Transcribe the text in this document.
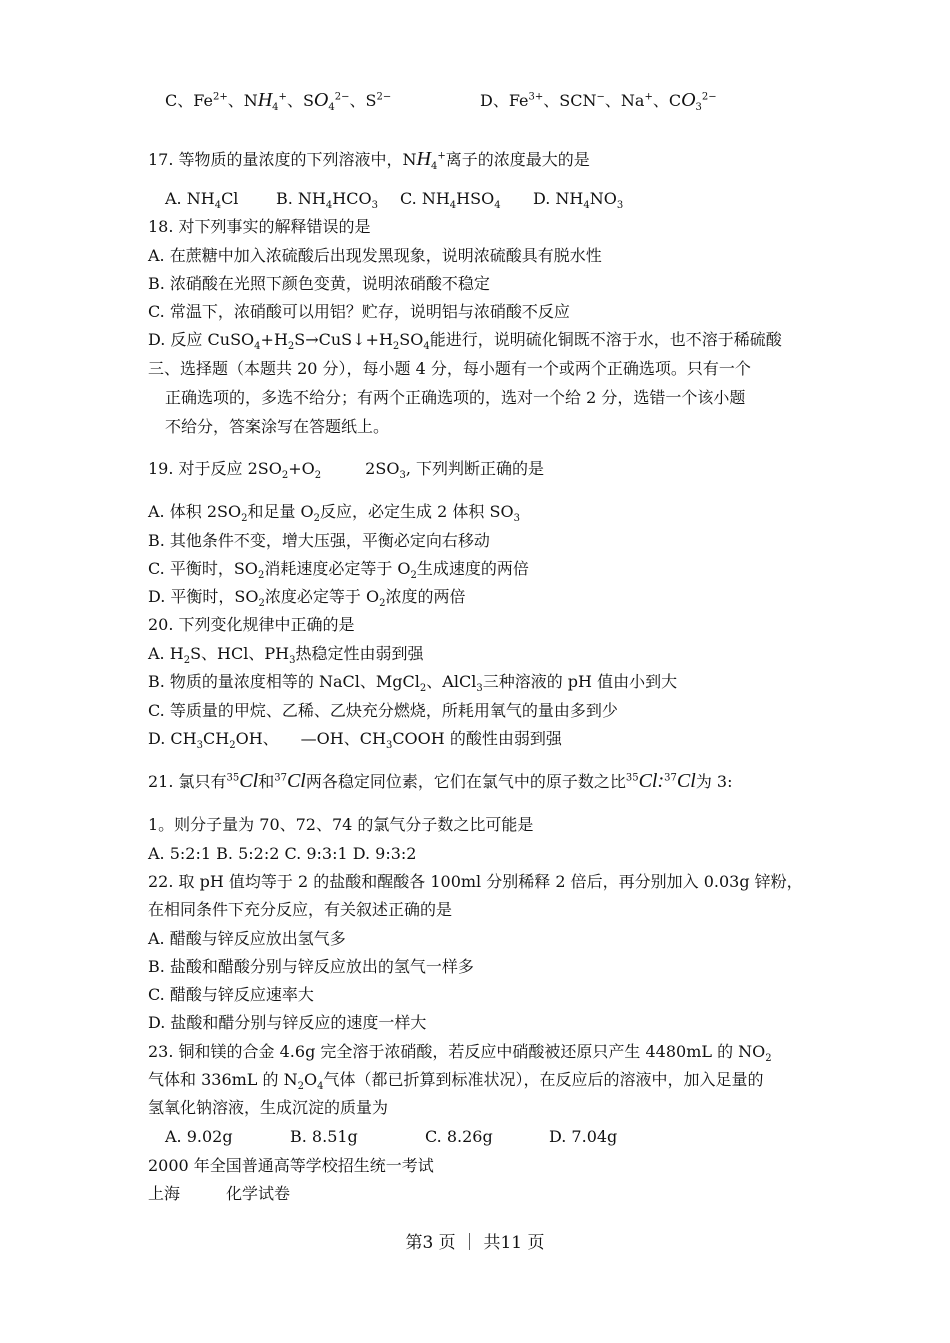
C、$Fe^{2+}$、$NH_4^+$、$SO_4^{2-}$、$S^{2-}$	D、$Fe^{3+}$、SCN−、Na+、$CO_3^{2-}$
17. 等物质的量浓度的下列溶液中，$NH_4^+$离子的浓度最大的是
A. $NH_4Cl$ B. $NH_4HCO_3$ C. $NH_4HSO_4$ D. $NH_4NO_3$
18. 对下列事实的解释错误的是
A. 在蔗糖中加入浓硫酸后出现发黑现象，说明浓硫酸具有脱水性
B. 浓硝酸在光照下颜色变黄，说明浓硝酸不稳定
C. 常温下，浓硝酸可以用铝？贮存，说明铝与浓硝酸不反应
D. 反应 $CuSO_4+H_2S\to CuS↓+H_2SO_4$能进行，说明硫化铜既不溶于水，也不溶于稀硫酸
三、选择题（本题共 20 分），每小题 4 分，每小题有一个或两个正确选项。只有一个
正确选项的，多选不给分；有两个正确选项的，选对一个给 2 分，选错一个该小题
不给分，答案涂写在答题纸上。
19. 对于反应 $2SO_2+O_2$	$2SO_3$, 下列判断正确的是
A. 体积 $2SO_2$和足量 $O_2$反应，必定生成 2 体积 $SO_3$
B. 其他条件不变，增大压强，平衡必定向右移动
C. 平衡时，$SO_2$消耗速度必定等于 $O_2$生成速度的两倍
D. 平衡时，$SO_2$浓度必定等于 $O_2$浓度的两倍
20. 下列变化规律中正确的是
A. $H_2S$、HCl、$PH_3$热稳定性由弱到强
B. 物质的量浓度相等的 NaCl、MgCl$_2$、AlCl$_3$三种溶液的 pH 值由小到大
C. 等质量的甲烷、乙稀、乙炔充分燃烧，所耗用氧气的量由多到少
D. $CH_3CH_2OH$、 —OH、$CH_3COOH$ 的酸性由弱到强
21. 氯只有$^{35}$Cl和$^{37}$Cl两各稳定同位素，它们在氯气中的原子数之比$^{35}$Cl:$^{37}$Cl为 3:
1。则分子量为 70、72、74 的氯气分子数之比可能是
A. 5:2:1 B. 5:2:2 C. 9:3:1 D. 9:3:2
22. 取 pH 值均等于 2 的盐酸和醒酸各 100ml 分别稀释 2 倍后，再分别加入 0.03g 锌粉，
在相同条件下充分反应，有关叙述正确的是
A. 醋酸与锌反应放出氢气多
B. 盐酸和醋酸分别与锌反应放出的氢气一样多
C. 醋酸与锌反应速率大
D. 盐酸和醋分别与锌反应的速度一样大
23. 铜和镁的合金 4.6g 完全溶于浓硝酸，若反应中硝酸被还原只产生 4480mL 的 $NO_2$
气体和 336mL 的 $N_2O_4$气体（都已折算到标准状况），在反应后的溶液中，加入足量的
氢氧化钠溶液，生成沉淀的质量为
A. 9.02g	B. 8.51g	C. 8.26g	D. 7.04g
2000 年全国普通高等学校招生统一考试
上海	化学试卷
第3 页 ｜ 共11 页
